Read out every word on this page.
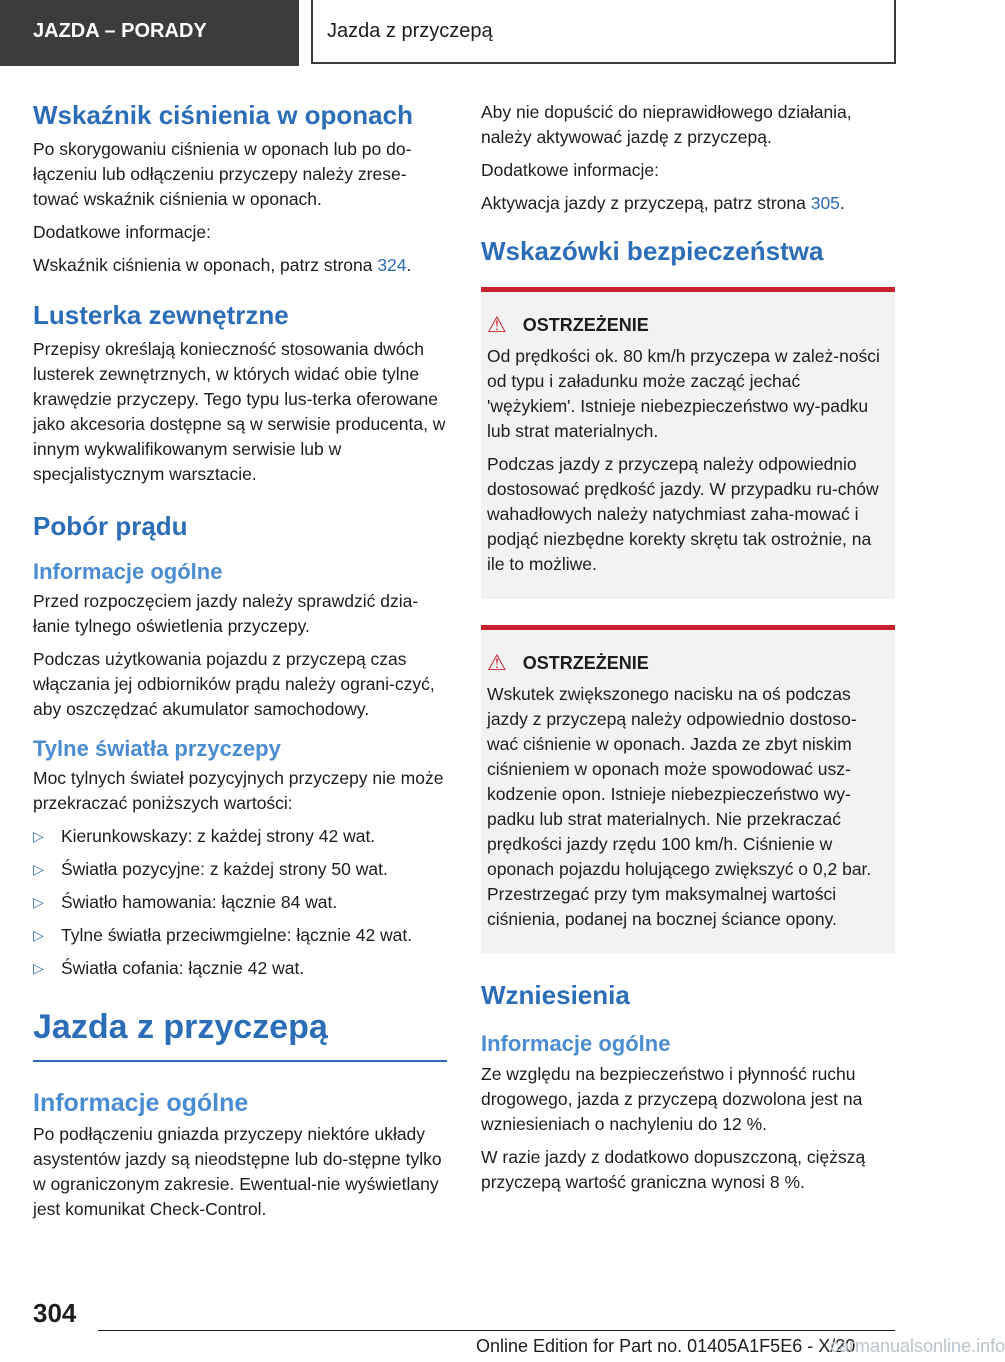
JAZDA – PORADY	Jazda z przyczepą
Wskaźnik ciśnienia w oponach

Po skorygowaniu ciśnienia w oponach lub po do-łączeniu lub odłączeniu przyczepy należy zrese-tować wskaźnik ciśnienia w oponach.

Dodatkowe informacje:

Wskaźnik ciśnienia w oponach, patrz strona 324.

Lusterka zewnętrzne

Przepisy określają konieczność stosowania dwóch lusterek zewnętrznych, w których widać obie tylne krawędzie przyczepy. Tego typu lus-terka oferowane jako akcesoria dostępne są w serwisie producenta, w innym wykwalifikowanym serwisie lub w specjalistycznym warsztacie.

Pobór prądu
Informacje ogólne

Przed rozpoczęciem jazdy należy sprawdzić dzia-łanie tylnego oświetlenia przyczepy.

Podczas użytkowania pojazdu z przyczepą czas włączania jej odbiorników prądu należy ograni-czyć, aby oszczędzać akumulator samochodowy.

Tylne światła przyczepy

Moc tylnych świateł pozycyjnych przyczepy nie może przekraczać poniższych wartości:

▷ Kierunkowskazy: z każdej strony 42 wat.
▷ Światła pozycyjne: z każdej strony 50 wat.
▷ Światło hamowania: łącznie 84 wat.
▷ Tylne światła przeciwmgielne: łącznie 42 wat.
▷ Światła cofania: łącznie 42 wat.
Jazda z przyczepą
Informacje ogólne

Po podłączeniu gniazda przyczepy niektóre układy asystentów jazdy są nieodstępne lub do-stępne tylko w ograniczonym zakresie. Ewentual-nie wyświetlany jest komunikat Check-Control.

Aby nie dopuścić do nieprawidłowego działania, należy aktywować jazdę z przyczepą.

Dodatkowe informacje:

Aktywacja jazdy z przyczepą, patrz strona 305.

Wskazówki bezpieczeństwa
⚠ OSTRZEŻENIE

Od prędkości ok. 80 km/h przyczepa w zależ-ności od typu i załadunku może zacząć jechać 'wężykiem'. Istnieje niebezpieczeństwo wy-padku lub strat materialnych.

Podczas jazdy z przyczepą należy odpowiednio dostosować prędkość jazdy. W przypadku ru-chów wahadłowych należy natychmiast zaha-mować i podjąć niezbędne korekty skrętu tak ostrożnie, na ile to możliwe.

⚠ OSTRZEŻENIE

Wskutek zwiększonego nacisku na oś podczas jazdy z przyczepą należy odpowiednio dostoso-wać ciśnienie w oponach. Jazda ze zbyt niskim ciśnieniem w oponach może spowodować usz-kodzenie opon. Istnieje niebezpieczeństwo wy-padku lub strat materialnych. Nie przekraczać prędkości jazdy rzędu 100 km/h. Ciśnienie w oponach pojazdu holującego zwiększyć o 0,2 bar. Przestrzegać przy tym maksymalnej wartości ciśnienia, podanej na bocznej ściance opony.

Wzniesienia
Informacje ogólne

Ze względu na bezpieczeństwo i płynność ruchu drogowego, jazda z przyczepą dozwolona jest na wzniesieniach o nachyleniu do 12 %.

W razie jazdy z dodatkowo dopuszczoną, cięższą przyczepą wartość graniczna wynosi 8 %.

304
Online Edition for Part no. 01405A1F5E6 - X/20
carmanualsonline.info
